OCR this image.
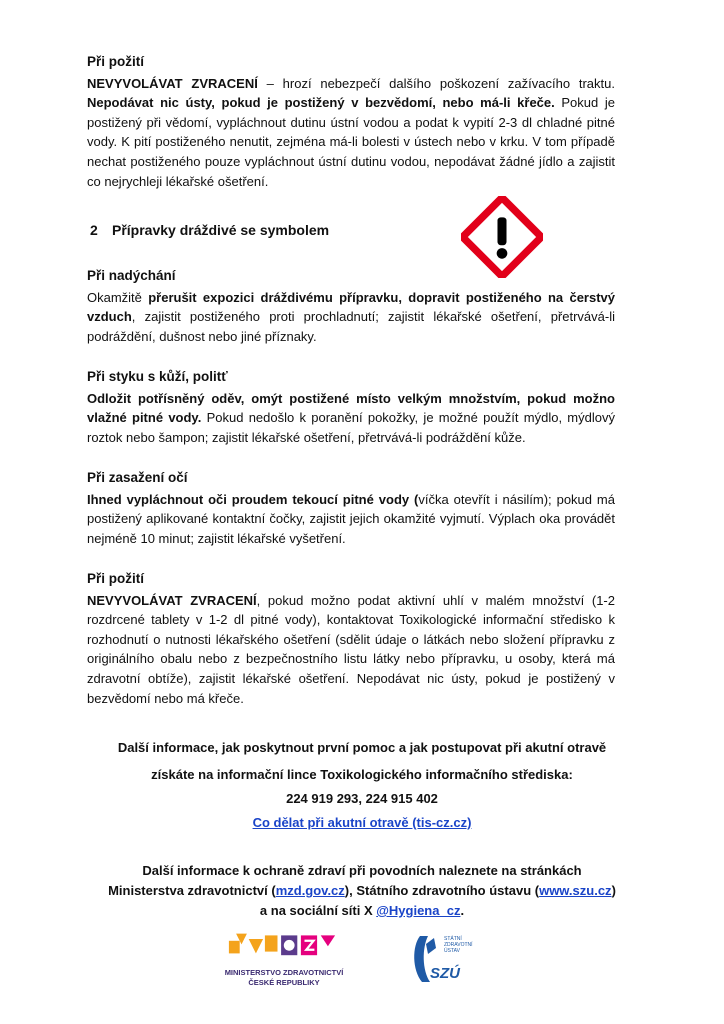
Při požití

NEVYVOLÁVAT ZVRACENÍ – hrozí nebezpečí dalšího poškození zažívacího traktu. Nepodávat nic ústy, pokud je postižený v bezvědomí, nebo má-li křeče. Pokud je postižený při vědomí, vypláchnout dutinu ústní vodou a podat k vypití 2-3 dl chladné pitné vody. K pití postiženého nenutit, zejména má-li bolesti v ústech nebo v krku. V tom případě nechat postiženého pouze vypláchnout ústní dutinu vodou, nepodávat žádné jídlo a zajistit co nejrychleji lékařské ošetření.

2 Přípravky dráždivé se symbolem
Při nadýchání

Okamžitě přerušit expozici dráždivému přípravku, dopravit postiženého na čerstvý vzduch, zajistit postiženého proti prochladnutí; zajistit lékařské ošetření, přetrvává-li podráždění, dušnost nebo jiné příznaky.

Při styku s kůží, politť

Odložit potřísněný oděv, omýt postižené místo velkým množstvím, pokud možno vlažné pitné vody. Pokud nedošlo k poranění pokožky, je možné použít mýdlo, mýdlový roztok nebo šampon; zajistit lékařské ošetření, přetrvává-li podráždění kůže.

Při zasažení očí

Ihned vypláchnout oči proudem tekoucí pitné vody (víčka otevřít i násilím); pokud má postižený aplikované kontaktní čočky, zajistit jejich okamžité vyjmutí. Výplach oka provádět nejméně 10 minut; zajistit lékařské vyšetření.

Při požití

NEVYVOLÁVAT ZVRACENÍ, pokud možno podat aktivní uhlí v malém množství (1-2 rozdrcené tablety v 1-2 dl pitné vody), kontaktovat Toxikologické informační středisko k rozhodnutí o nutnosti lékařského ošetření (sdělit údaje o látkách nebo složení přípravku z originálního obalu nebo z bezpečnostního listu látky nebo přípravku, u osoby, která má zdravotní obtíže), zajistit lékařské ošetření. Nepodávat nic ústy, pokud je postižený v bezvědomí nebo má křeče.

Další informace, jak poskytnout první pomoc a jak postupovat při akutní otravě
získáte na informační lince Toxikologického informačního střediska:
224 919 293, 224 915 402
Co dělat při akutní otravě (tis-cz.cz)
Další informace k ochraně zdraví při povodních naleznete na stránkách
Ministerstva zdravotnictví (mzd.gov.cz), Státního zdravotního ústavu (www.szu.cz)
a na sociální síti X @Hygiena_cz.
MINISTERSTVO ZDRAVOTNICTVÍ
ČESKÉ REPUBLIKY
STÁTNÍ
ZDRAVOTNÍ
ÚSTAV
SZÚ
